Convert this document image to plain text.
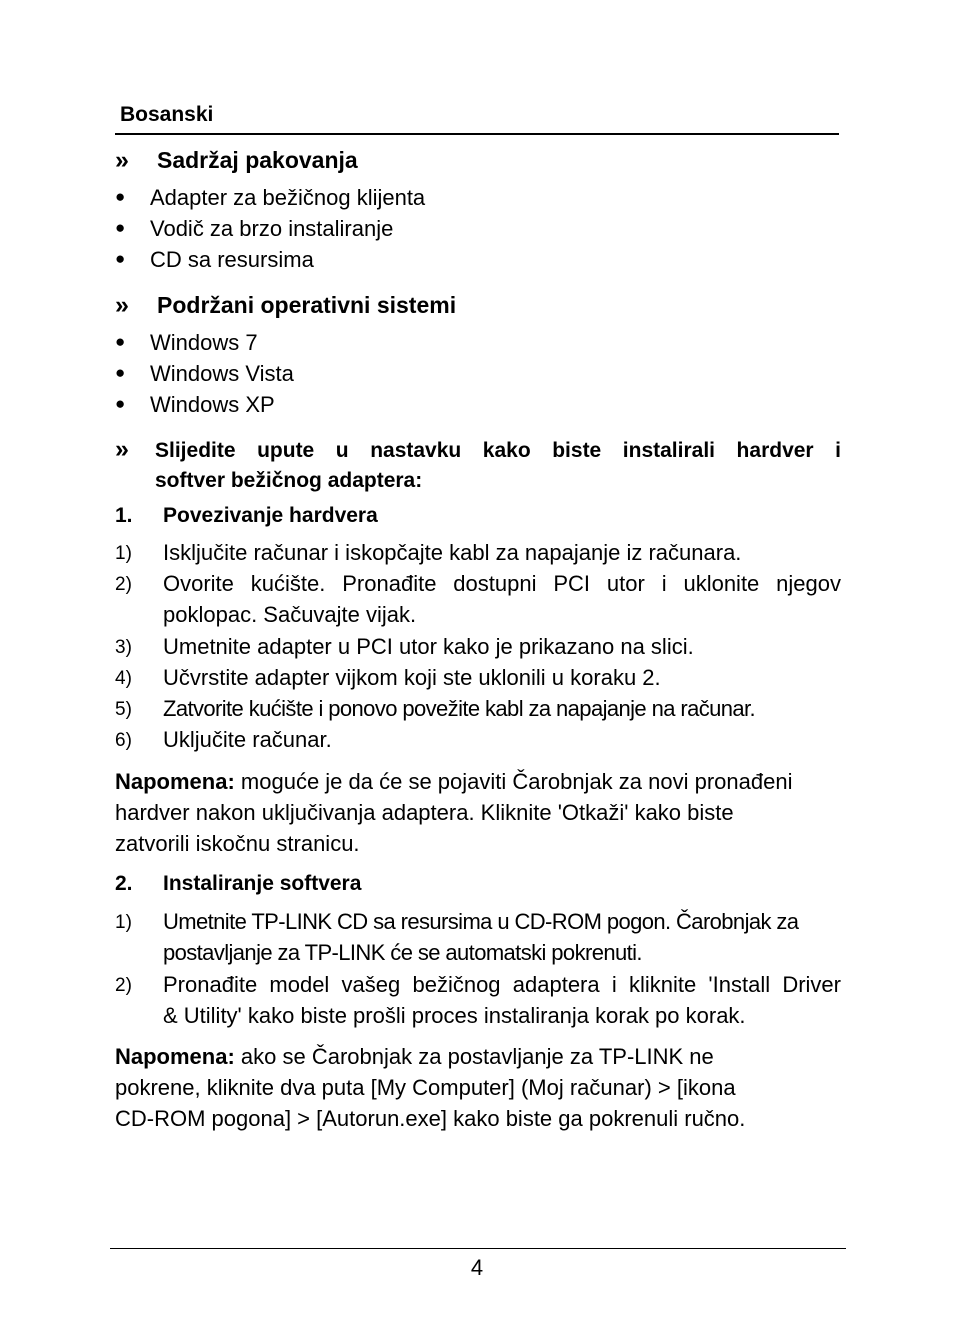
Bosanski
» Sadržaj pakovanja
● Adapter za bežičnog klijenta
● Vodič za brzo instaliranje
● CD sa resursima
» Podržani operativni sistemi
● Windows 7
● Windows Vista
● Windows XP
» Slijedite upute u nastavku kako biste instalirali hardver i
softver bežičnog adaptera:
1. Povezivanje hardvera
1) Isključite računar i iskopčajte kabl za napajanje iz računara.
2) Ovorite kućište. Pronađite dostupni PCI utor i uklonite njegov
poklopac. Sačuvajte vijak.
3) Umetnite adapter u PCI utor kako je prikazano na slici.
4) Učvrstite adapter vijkom koji ste uklonili u koraku 2.
5) Zatvorite kućište i ponovo povežite kabl za napajanje na računar.
6) Uključite računar.
Napomena: moguće je da će se pojaviti Čarobnjak za novi pronađeni
hardver nakon uključivanja adaptera. Kliknite 'Otkaži' kako biste
zatvorili iskočnu stranicu.
2. Instaliranje softvera
1) Umetnite TP-LINK CD sa resursima u CD-ROM pogon. Čarobnjak za
postavljanje za TP-LINK će se automatski pokrenuti.
2) Pronađite model vašeg bežičnog adaptera i kliknite 'Install Driver
& Utility' kako biste prošli proces instaliranja korak po korak.
Napomena: ako se Čarobnjak za postavljanje za TP-LINK ne
pokrene, kliknite dva puta [My Computer] (Moj računar) > [ikona
CD-ROM pogona] > [Autorun.exe] kako biste ga pokrenuli ručno.
4
